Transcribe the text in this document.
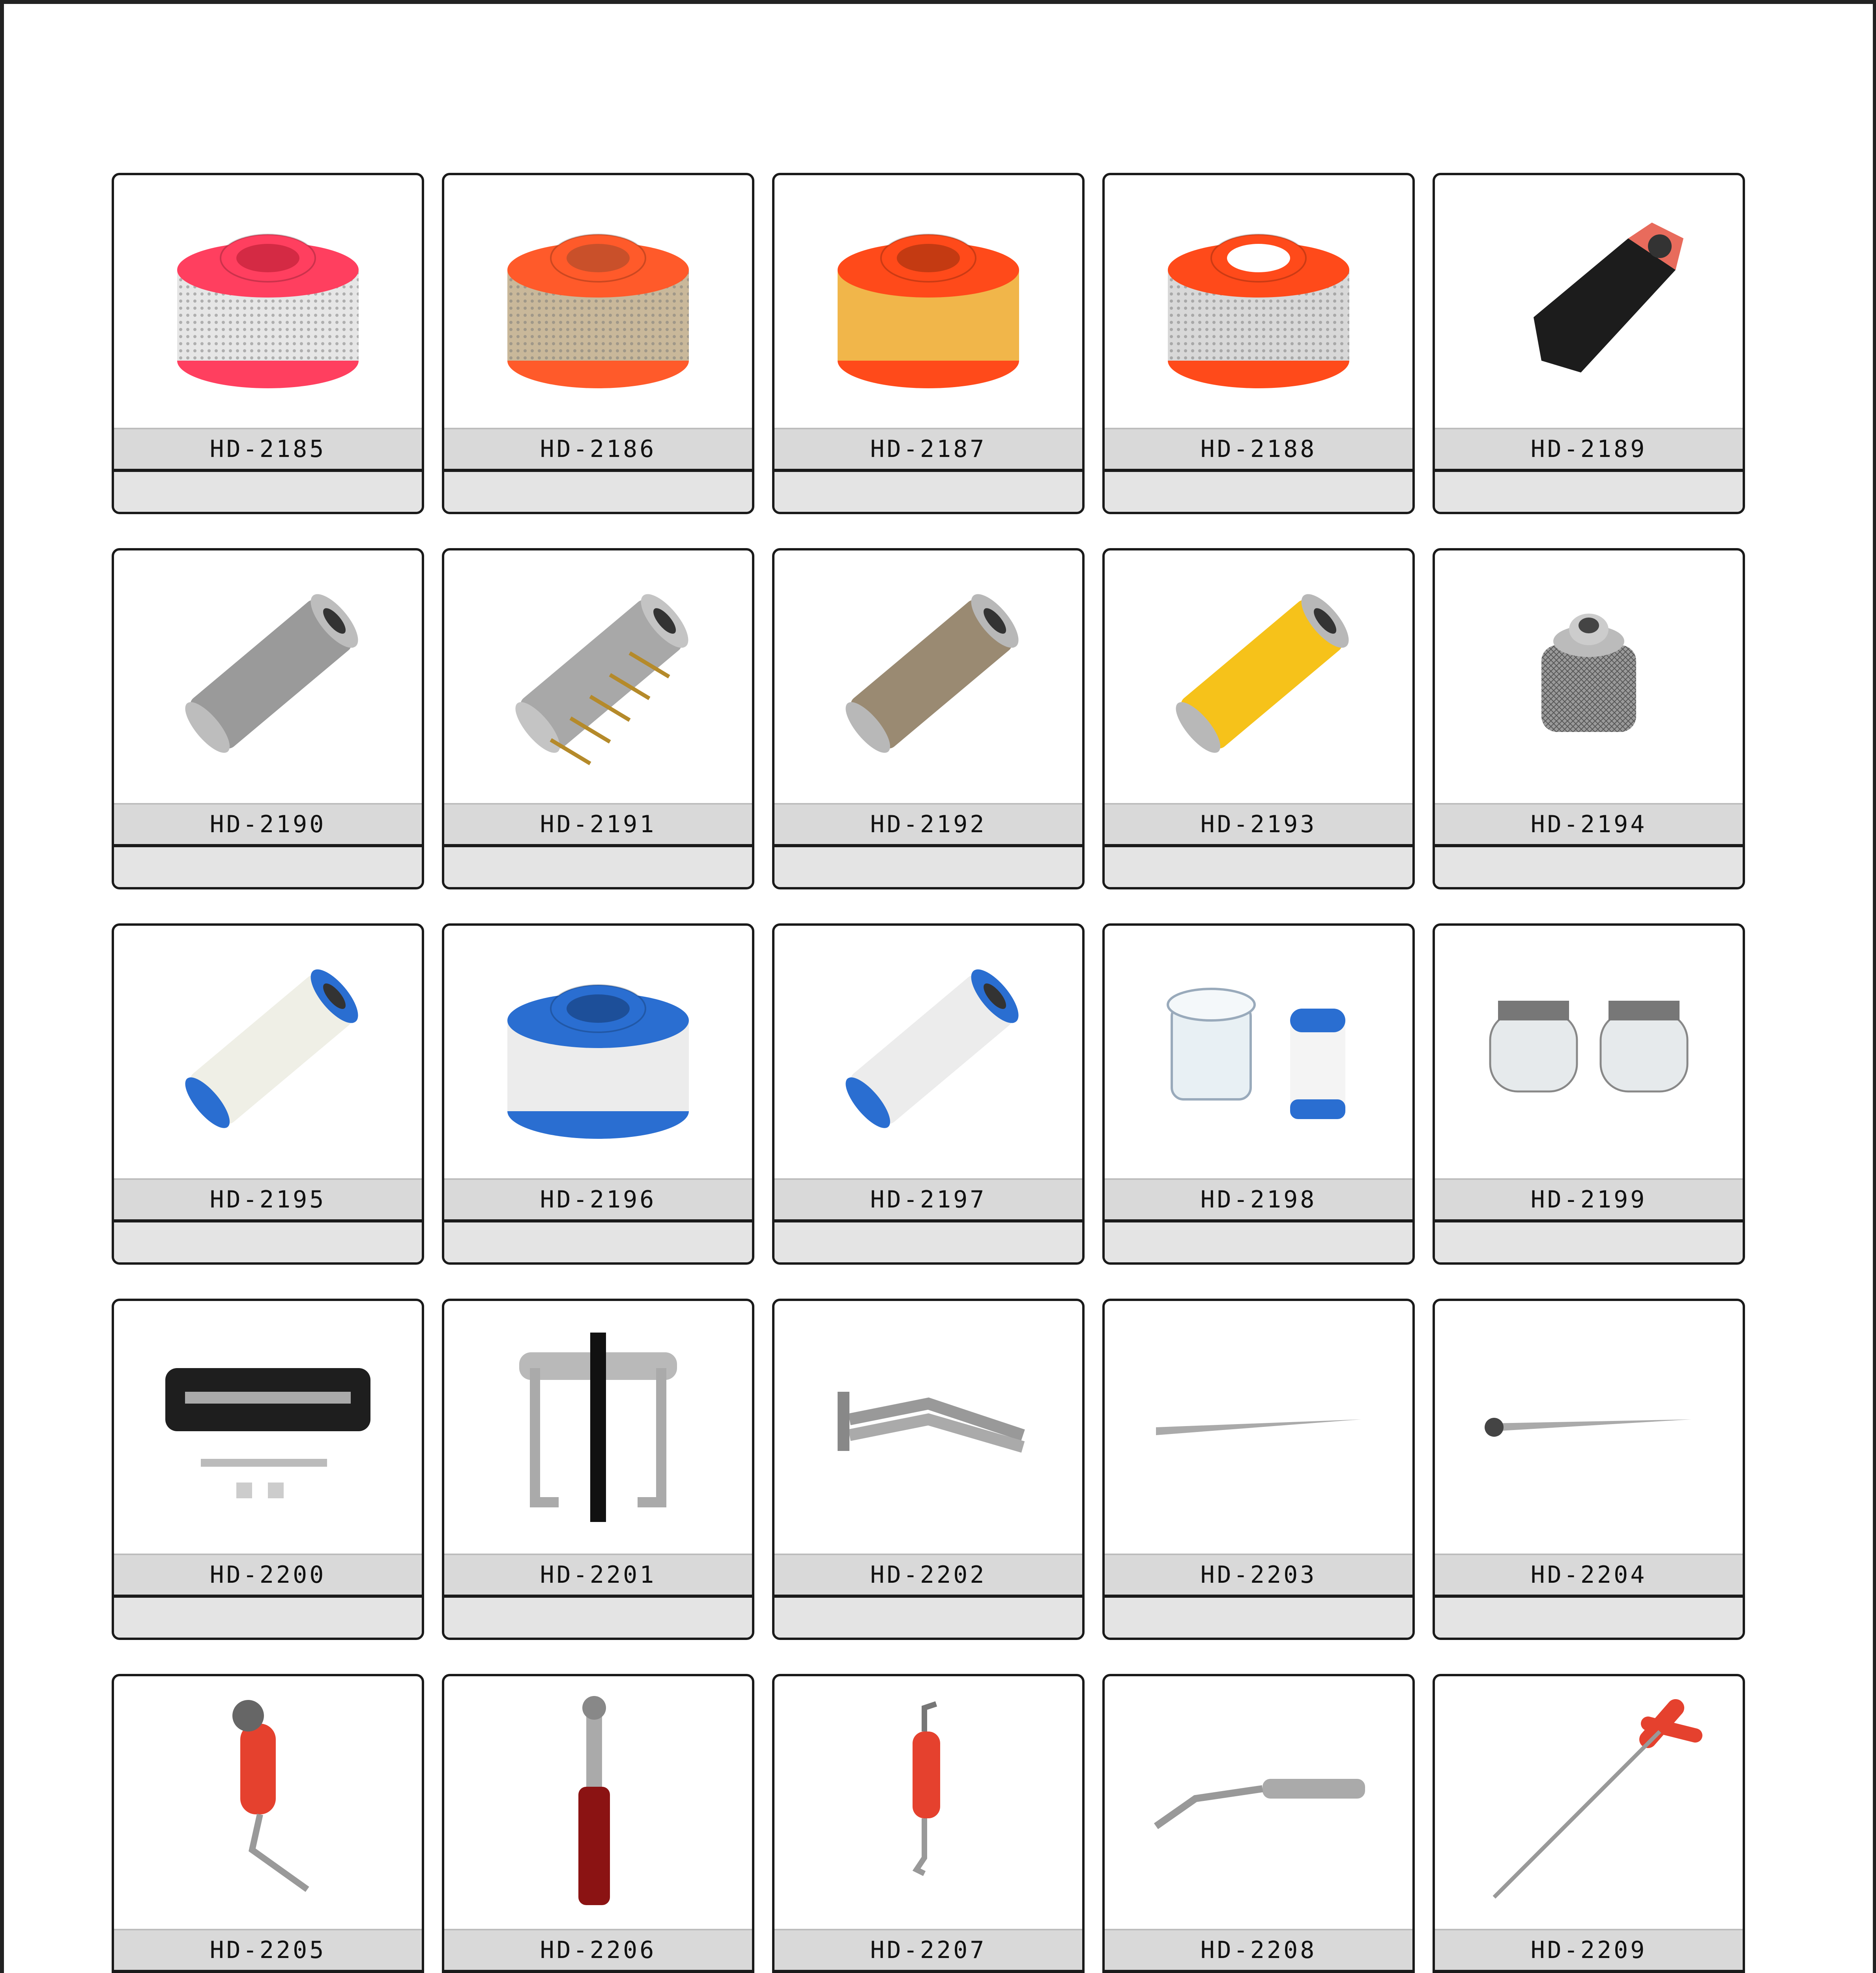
HD-2185	HD-2186	HD-2187	HD-2188	HD-2189
HD-2190	HD-2191	HD-2192	HD-2193	HD-2194
HD-2195	HD-2196	HD-2197	HD-2198	HD-2199
HD-2200	HD-2201	HD-2202	HD-2203	HD-2204
HD-2205	HD-2206	HD-2207	HD-2208	HD-2209
